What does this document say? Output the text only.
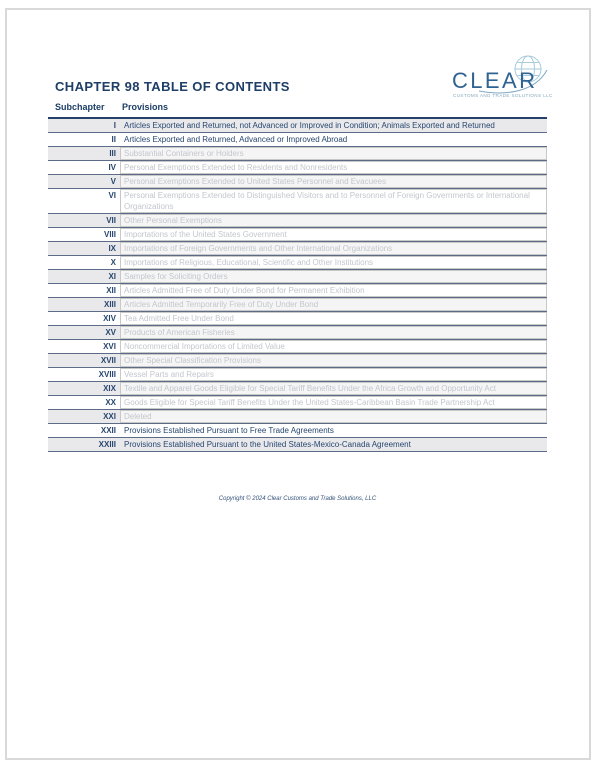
CHAPTER 98 TABLE OF CONTENTS	CLEAR
CUSTOMS AND TRADE SOLUTIONS LLC
Subchapter Provisions
I	Articles Exported and Returned, not Advanced or Improved in Condition; Animals Exported and Returned
II	Articles Exported and Returned, Advanced or Improved Abroad
III	Substantial Containers or Holders
IV	Personal Exemptions Extended to Residents and Nonresidents
V	Personal Exemptions Extended to United States Personnel and Evacuees
VI	Personal Exemptions Extended to Distinguished Visitors and to Personnel of Foreign Governments or International Organizations
VII	Other Personal Exemptions
VIII	Importations of the United States Government
IX	Importations of Foreign Governments and Other International Organizations
X	Importations of Religious, Educational, Scientific and Other Institutions
XI	Samples for Soliciting Orders
XII	Articles Admitted Free of Duty Under Bond for Permanent Exhibition
XIII	Articles Admitted Temporarily Free of Duty Under Bond
XIV	Tea Admitted Free Under Bond
XV	Products of American Fisheries
XVI	Noncommercial Importations of Limited Value
XVII	Other Special Classification Provisions
XVIII	Vessel Parts and Repairs
XIX	Textile and Apparel Goods Eligible for Special Tariff Benefits Under the Africa Growth and Opportunity Act
XX	Goods Eligible for Special Tariff Benefits Under the United States-Caribbean Basin Trade Partnership Act
XXI	Deleted
XXII	Provisions Established Pursuant to Free Trade Agreements
XXIII	Provisions Established Pursuant to the United States-Mexico-Canada Agreement
Copyright © 2024 Clear Customs and Trade Solutions, LLC
